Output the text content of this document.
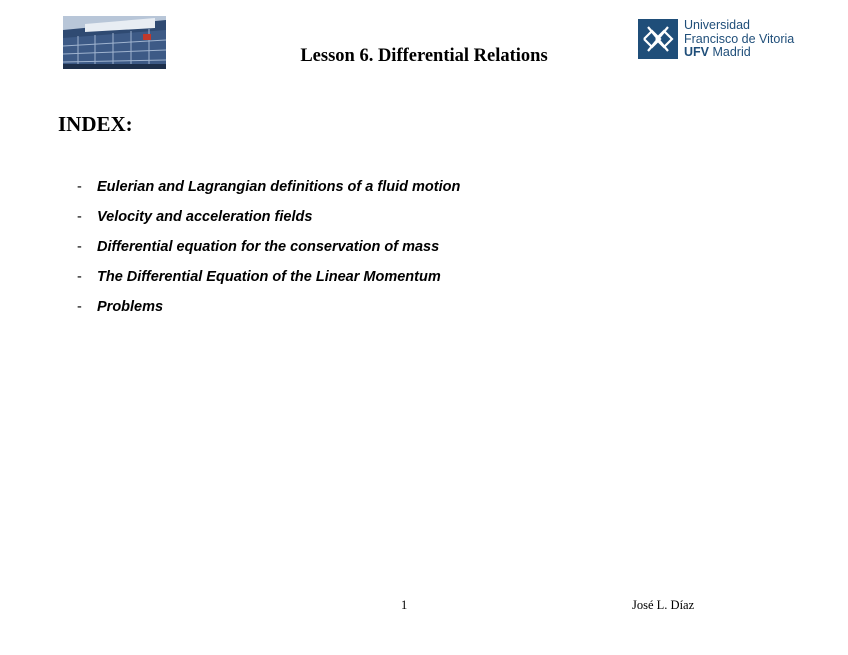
Lesson 6. Differential Relations
Universidad
Francisco de Vitoria
UFV Madrid
INDEX:
-	Eulerian and Lagrangian definitions of a fluid motion
-	Velocity and acceleration fields
-	Differential equation for the conservation of mass
-	The Differential Equation of the Linear Momentum
-	Problems
1	José L. Díaz
